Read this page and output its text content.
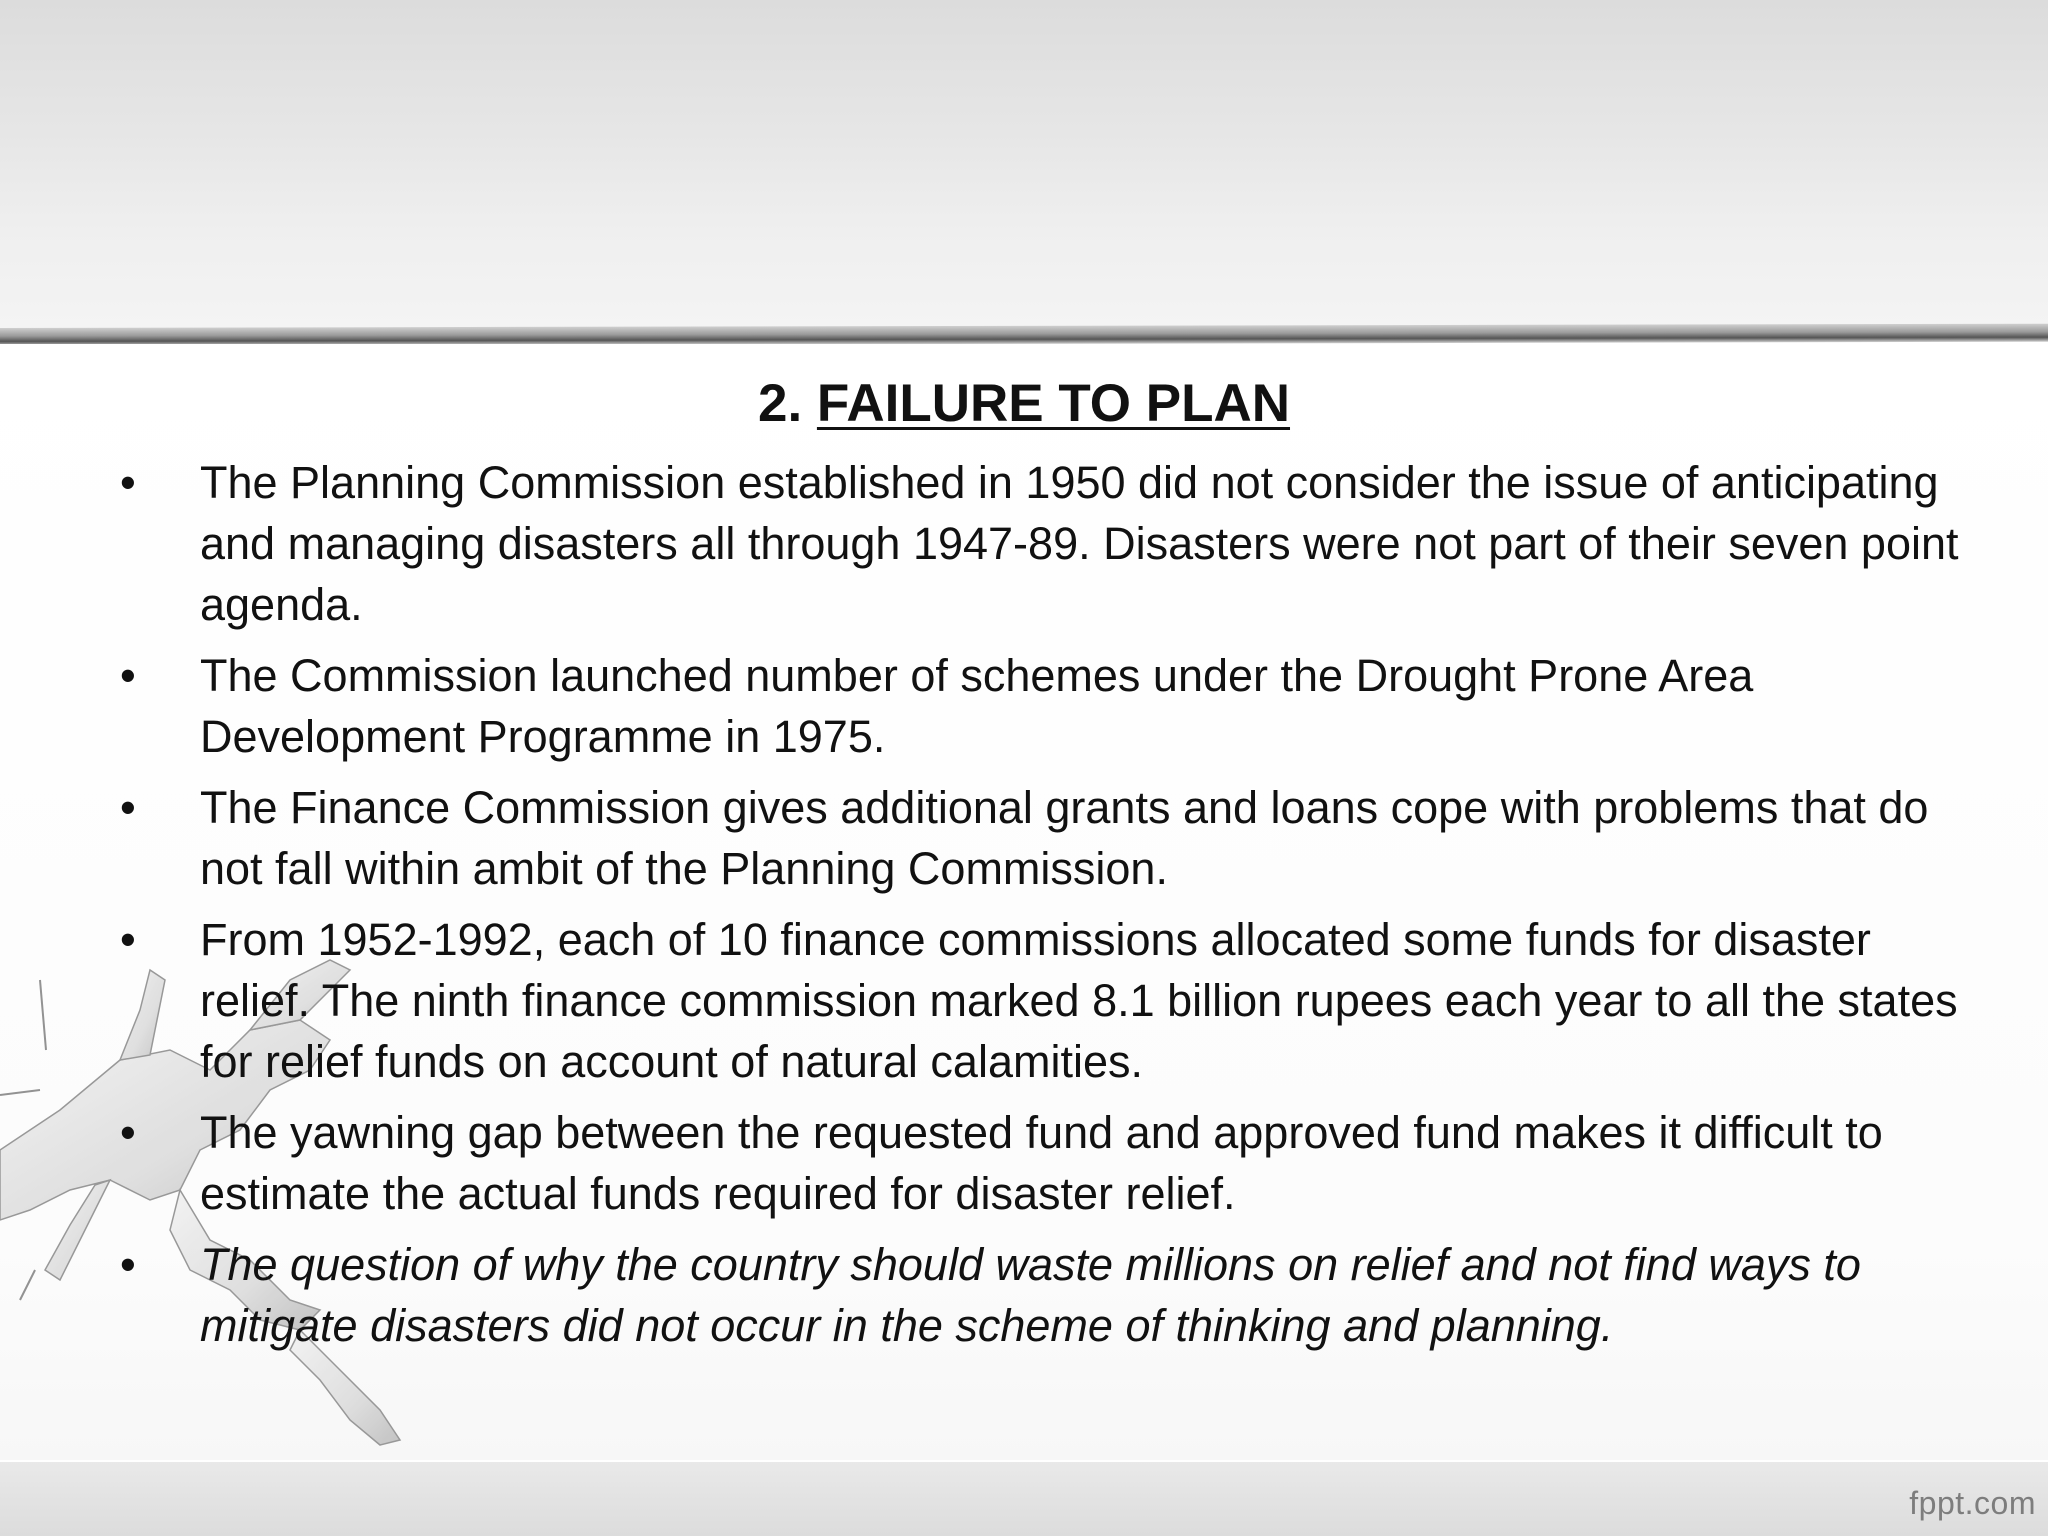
2. FAILURE TO PLAN
•	The Planning Commission established in 1950 did not consider the issue of anticipating and managing disasters all through 1947-89. Disasters were not part of their seven point agenda.
•	The Commission launched number of schemes under the Drought Prone Area Development Programme in 1975.
•	The Finance Commission gives additional grants and loans cope with problems that do not fall within ambit of the Planning Commission.
•	From 1952-1992, each of 10 finance commissions allocated some funds for disaster relief. The ninth finance commission marked 8.1 billion rupees each year to all the states for relief funds on account of natural calamities.
•	The yawning gap between the requested fund and approved fund makes it difficult to estimate the actual funds required for disaster relief.
•	The question of why the country should waste millions on relief and not find ways to mitigate disasters did not occur in the scheme of thinking and planning.
fppt.com
